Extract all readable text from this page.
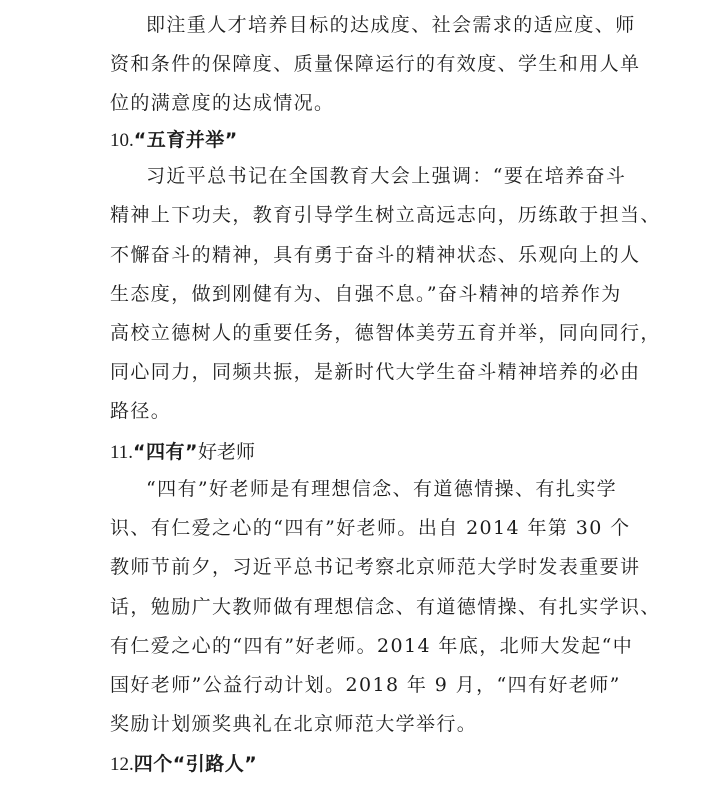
即注重人才培养目标的达成度、社会需求的适应度、师
资和条件的保障度、质量保障运行的有效度、学生和用人单
位的满意度的达成情况。
10.“五育并举”
习近平总书记在全国教育大会上强调：“要在培养奋斗
精神上下功夫，教育引导学生树立高远志向，历练敢于担当、
不懈奋斗的精神，具有勇于奋斗的精神状态、乐观向上的人
生态度，做到刚健有为、自强不息。”奋斗精神的培养作为
高校立德树人的重要任务，德智体美劳五育并举，同向同行，
同心同力，同频共振，是新时代大学生奋斗精神培养的必由
路径。
11.“四有”好老师
“四有”好老师是有理想信念、有道德情操、有扎实学
识、有仁爱之心的“四有”好老师。出自 2014 年第 30 个
教师节前夕，习近平总书记考察北京师范大学时发表重要讲
话，勉励广大教师做有理想信念、有道德情操、有扎实学识、
有仁爱之心的“四有”好老师。2014 年底，北师大发起“中
国好老师”公益行动计划。2018 年 9 月，“四有好老师”
奖励计划颁奖典礼在北京师范大学举行。
12.四个“引路人”
